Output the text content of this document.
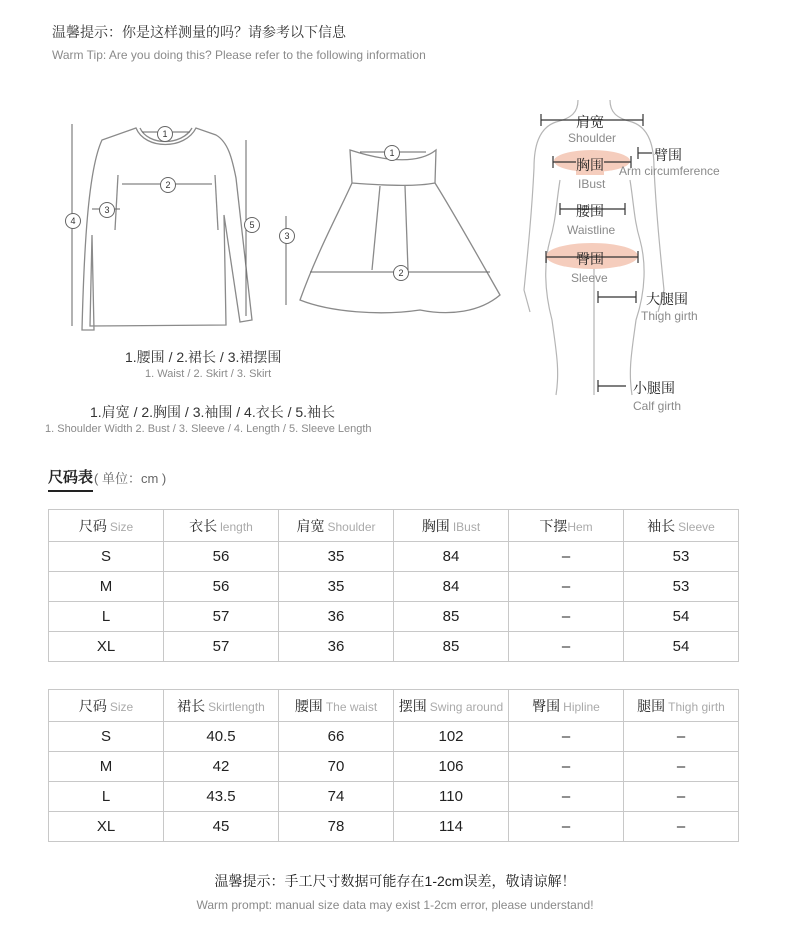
温馨提示：你是这样测量的吗？请参考以下信息
Warm Tip: Are you doing this? Please refer to the following information
1
2
3
4	5
1
2
3
肩宽
Shoulder
胸围
IBust
臂围
Arm circumference
腰围
Waistline
臀围
Sleeve
大腿围
Thigh girth
小腿围
Calf girth
1.腰围 / 2.裙长 / 3.裙摆围
1. Waist / 2. Skirt / 3. Skirt
1.肩宽 / 2.胸围 / 3.袖围 / 4.衣长 / 5.袖长
1. Shoulder Width 2. Bust / 3. Sleeve / 4. Length / 5. Sleeve Length
尺码表 ( 单位：cm )
尺码 Size	衣长 length	肩宽 Shoulder	胸围 IBust	下摆Hem	袖长 Sleeve
S	56	35	84	–	53
M	56	35	84	–	53
L	57	36	85	–	54
XL	57	36	85	–	54
尺码 Size	裙长 Skirtlength	腰围 The waist	摆围 Swing around	臀围 Hipline	腿围 Thigh girth
S	40.5	66	102	–	–
M	42	70	106	–	–
L	43.5	74	110	–	–
XL	45	78	114	–	–
温馨提示：手工尺寸数据可能存在1-2cm误差，敬请谅解！
Warm prompt: manual size data may exist 1-2cm error, please understand!
